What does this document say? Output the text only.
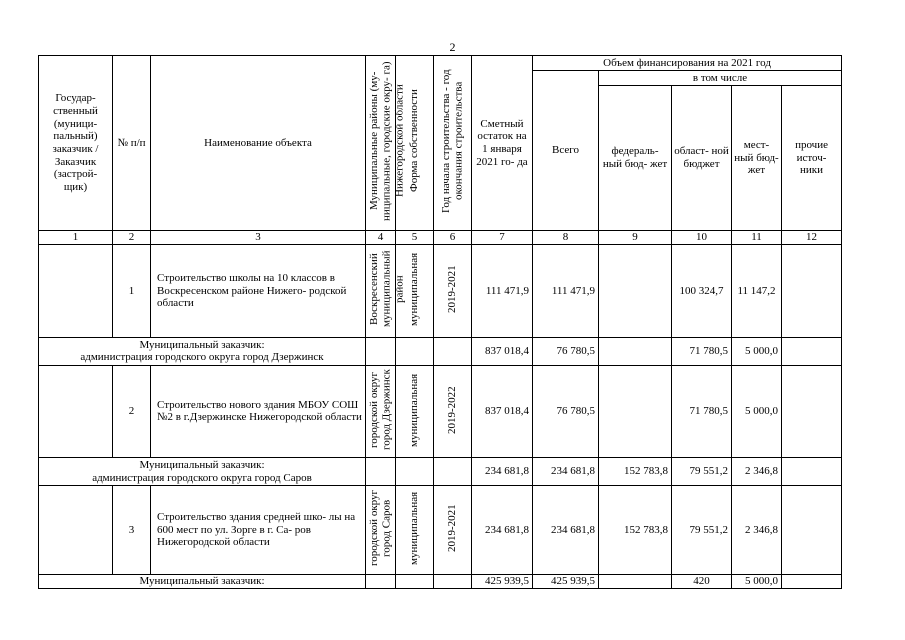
2
Государ- ственный (муници- пальный) заказчик / Заказчик (застрой- щик)	№ п/п	Наименование объекта	Муниципальные районы (му- ниципальные, городские окру- га) Нижегородской области	Форма собственности	Год начала строительства - год окончания строительства	Сметный остаток на 1 января 2021 го- да	Объем финансирования на 2021 год				
							Всего	в том числе			
								федераль- ный бюд- жет	област- ной бюджет	мест- ный бюд- жет	прочие источ- ники
1	2	3	4	5	6	7	8	9	10	11	12
	1	Строительство школы на 10 классов в Воскресенском районе Нижего- родской области	Воскресенский муниципальный район	муниципальная	2019-2021	111 471,9	111 471,9		100 324,7	11 147,2	

Муниципальный заказчик:
администрация городского округа город Дзержинск						837 018,4	76 780,5		71 780,5	5 000,0	
	2	Строительство нового здания МБОУ СОШ №2 в г.Дзержинске Нижегородской области	городской округ город Дзержинск	муниципальная	2019-2022	837 018,4	76 780,5		71 780,5	5 000,0	

Муниципальный заказчик:
администрация городского округа город Саров						234 681,8	234 681,8	152 783,8	79 551,2	2 346,8	
	3	Строительство здания средней шко- лы на 600 мест по ул. Зорге в г. Са- ров Нижегородской области	городской округ город Саров	муниципальная	2019-2021	234 681,8	234 681,8	152 783,8	79 551,2	2 346,8	

Муниципальный заказчик:						425 939,5	425 939,5		420	5 000,0	
